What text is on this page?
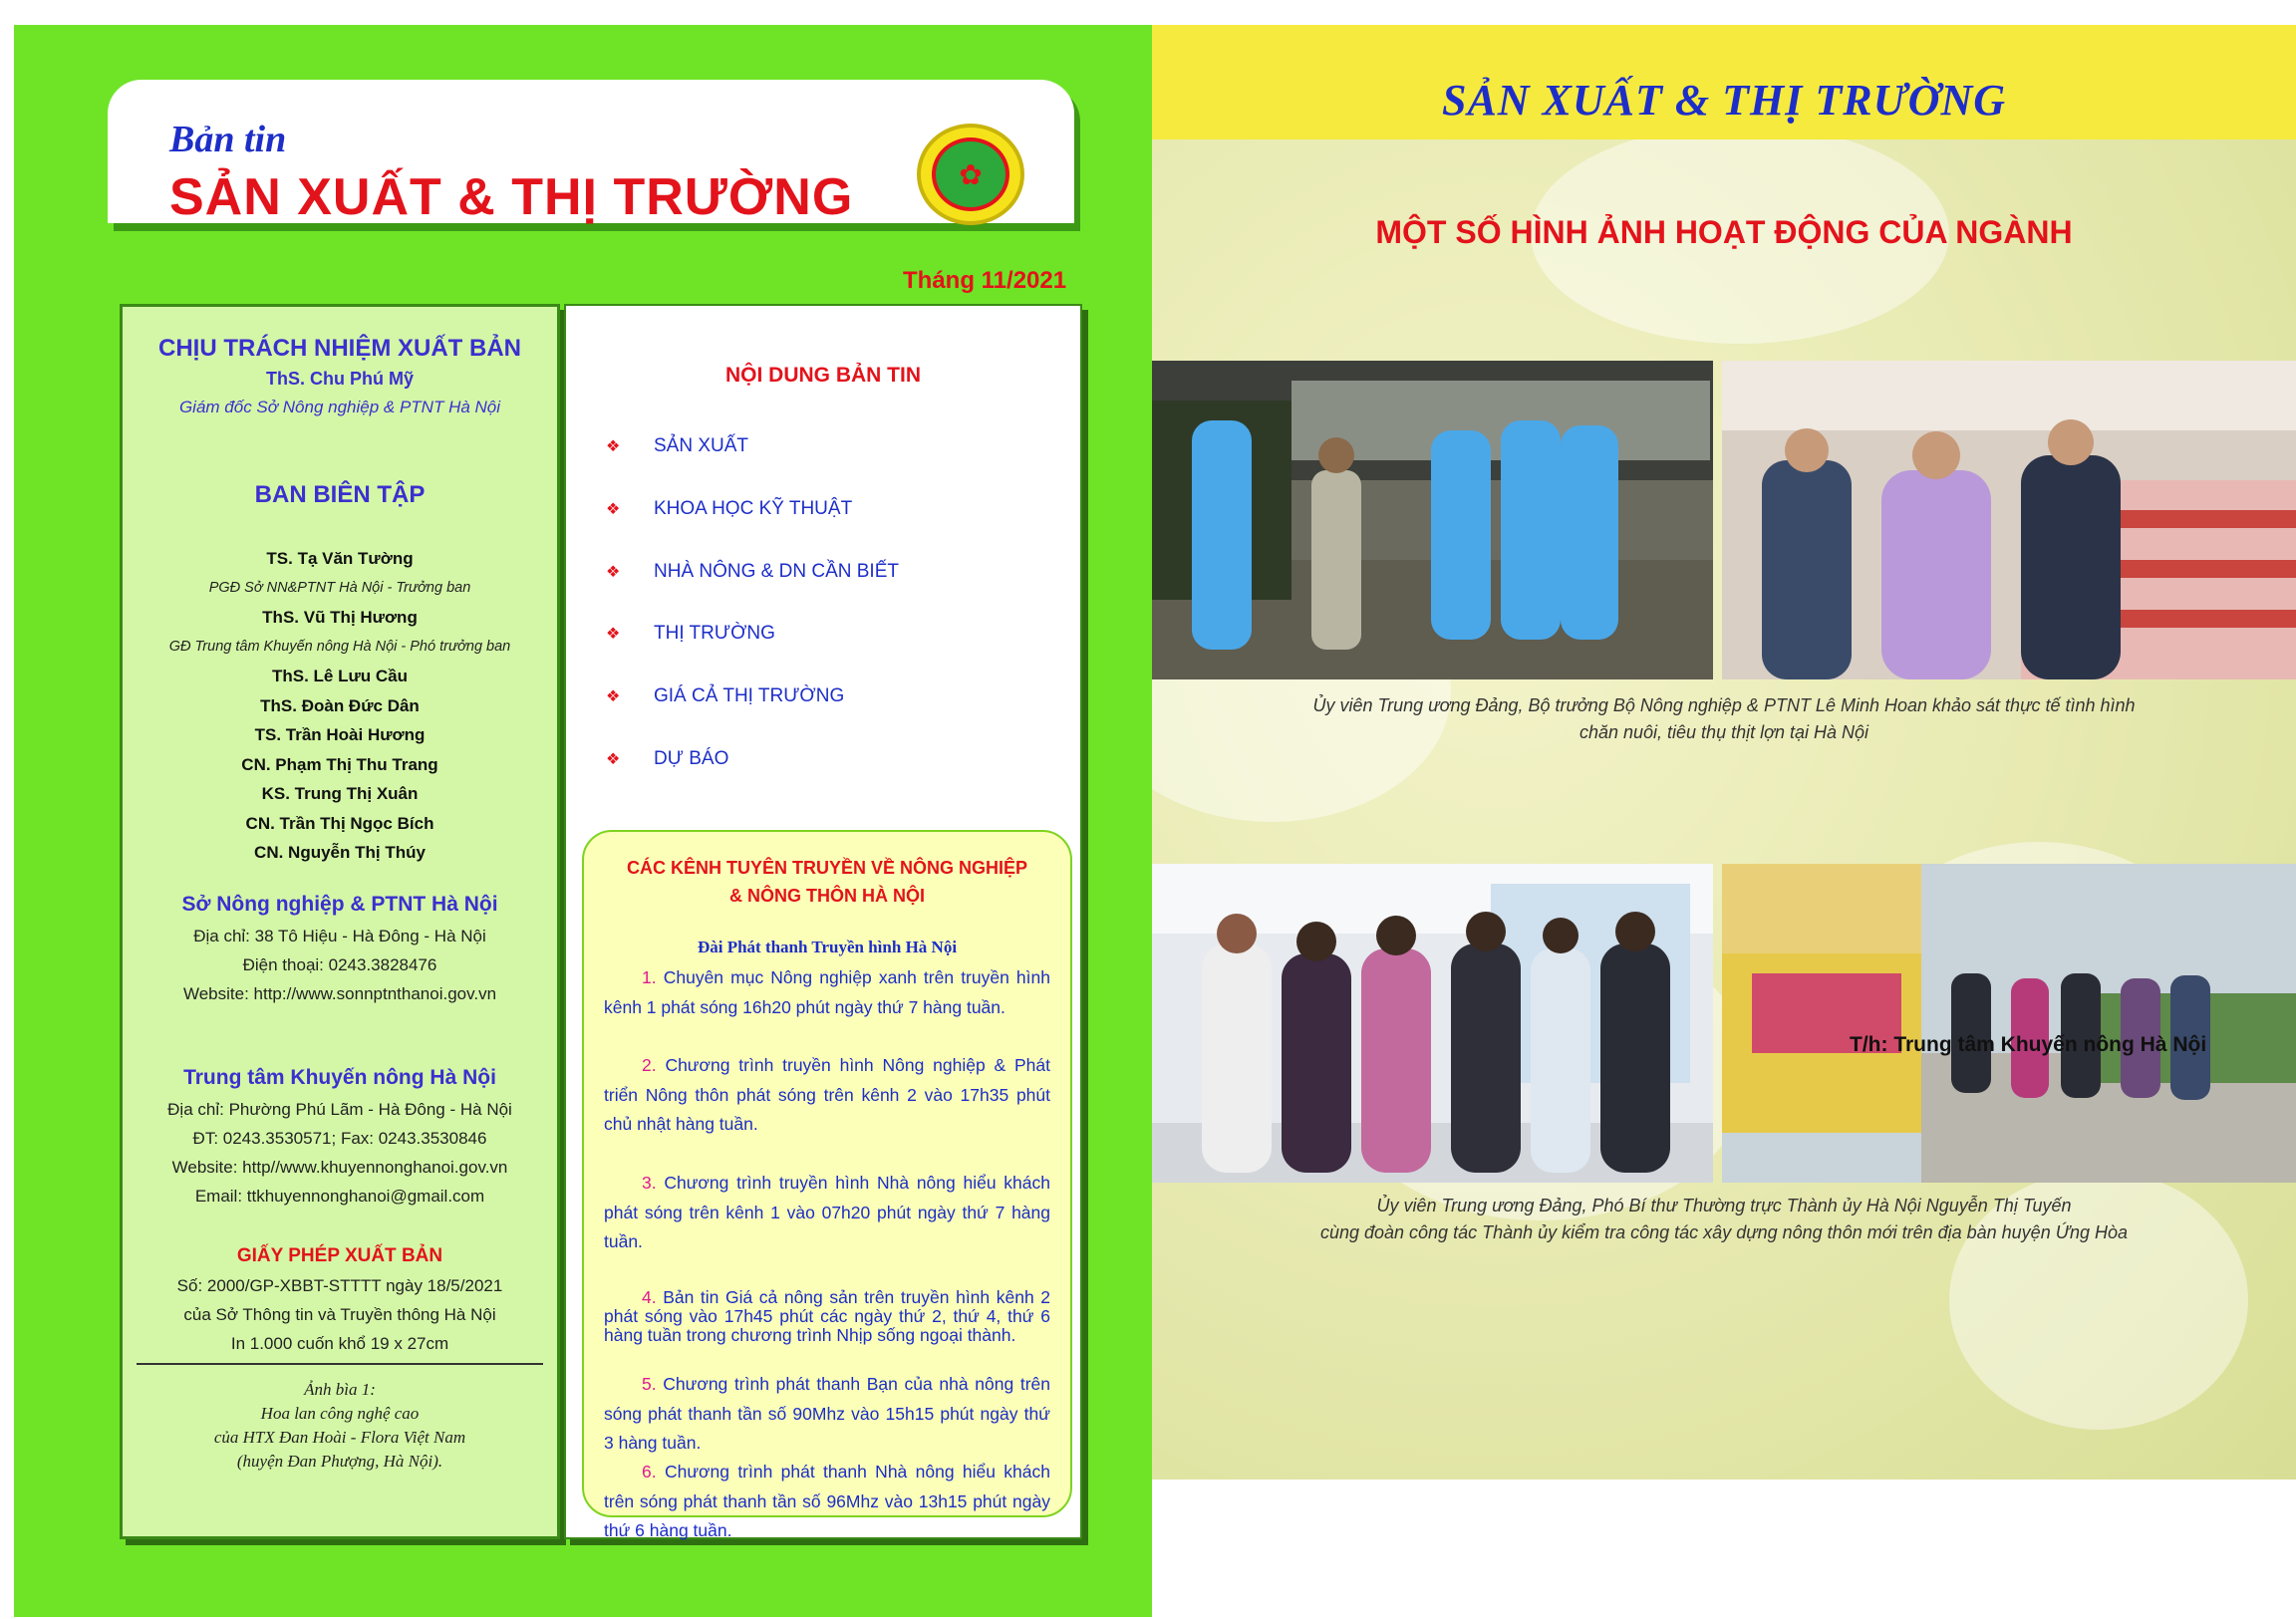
Bản tin
SẢN XUẤT & THỊ TRƯỜNG	✿
Tháng 11/2021
CHỊU TRÁCH NHIỆM XUẤT BẢN
ThS. Chu Phú Mỹ
Giám đốc Sở Nông nghiệp & PTNT Hà Nội
BAN BIÊN TẬP
TS. Tạ Văn Tường
PGĐ Sở NN&PTNT Hà Nội - Trưởng ban
ThS. Vũ Thị Hương
GĐ Trung tâm Khuyến nông Hà Nội - Phó trưởng ban
ThS. Lê Lưu Cầu
ThS. Đoàn Đức Dân
TS. Trần Hoài Hương
CN. Phạm Thị Thu Trang
KS. Trung Thị Xuân
CN. Trần Thị Ngọc Bích
CN. Nguyễn Thị Thúy
Sở Nông nghiệp & PTNT Hà Nội
Địa chỉ: 38 Tô Hiệu - Hà Đông - Hà Nội
Điện thoại: 0243.3828476
Website: http://www.sonnptnthanoi.gov.vn
Trung tâm Khuyến nông Hà Nội
Địa chỉ: Phường Phú Lãm - Hà Đông - Hà Nội
ĐT: 0243.3530571; Fax: 0243.3530846
Website: http//www.khuyennonghanoi.gov.vn
Email: ttkhuyennonghanoi@gmail.com
GIẤY PHÉP XUẤT BẢN
Số: 2000/GP-XBBT-STTTT ngày 18/5/2021
của Sở Thông tin và Truyền thông Hà Nội
In 1.000 cuốn khổ 19 x 27cm
Ảnh bìa 1:
Hoa lan công nghệ cao
của HTX Đan Hoài - Flora Việt Nam
(huyện Đan Phượng, Hà Nội).
NỘI DUNG BẢN TIN
❖ SẢN XUẤT
❖ KHOA HỌC KỸ THUẬT
❖ NHÀ NÔNG & DN CẦN BIẾT
❖ THỊ TRƯỜNG
❖ GIÁ CẢ THỊ TRƯỜNG
❖ DỰ BÁO
CÁC KÊNH TUYÊN TRUYỀN VỀ NÔNG NGHIỆP
& NÔNG THÔN HÀ NỘI
Đài Phát thanh Truyền hình Hà Nội
1. Chuyên mục Nông nghiệp xanh trên truyền hình kênh 1 phát sóng 16h20 phút ngày thứ 7 hàng tuần.
2. Chương trình truyền hình Nông nghiệp & Phát triển Nông thôn phát sóng trên kênh 2 vào 17h35 phút chủ nhật hàng tuần.
3. Chương trình truyền hình Nhà nông hiểu khách phát sóng trên kênh 1 vào 07h20 phút ngày thứ 7 hàng tuần.
4. Bản tin Giá cả nông sản trên truyền hình kênh 2 phát sóng vào 17h45 phút các ngày thứ 2, thứ 4, thứ 6 hàng tuần trong chương trình Nhịp sống ngoại thành.
5. Chương trình phát thanh Bạn của nhà nông trên sóng phát thanh tần số 90Mhz vào 15h15 phút ngày thứ 3 hàng tuần.
6. Chương trình phát thanh Nhà nông hiểu khách trên sóng phát thanh tần số 96Mhz vào 13h15 phút ngày thứ 6 hàng tuần.
SẢN XUẤT & THỊ TRƯỜNG
MỘT SỐ HÌNH ẢNH HOẠT ĐỘNG CỦA NGÀNH
Ủy viên Trung ương Đảng, Bộ trưởng Bộ Nông nghiệp & PTNT Lê Minh Hoan khảo sát thực tế tình hình
chăn nuôi, tiêu thụ thịt lợn tại Hà Nội
Ủy viên Trung ương Đảng, Phó Bí thư Thường trực Thành ủy Hà Nội Nguyễn Thị Tuyến
cùng đoàn công tác Thành ủy kiểm tra công tác xây dựng nông thôn mới trên địa bàn huyện Ứng Hòa
T/h: Trung tâm Khuyến nông Hà Nội
